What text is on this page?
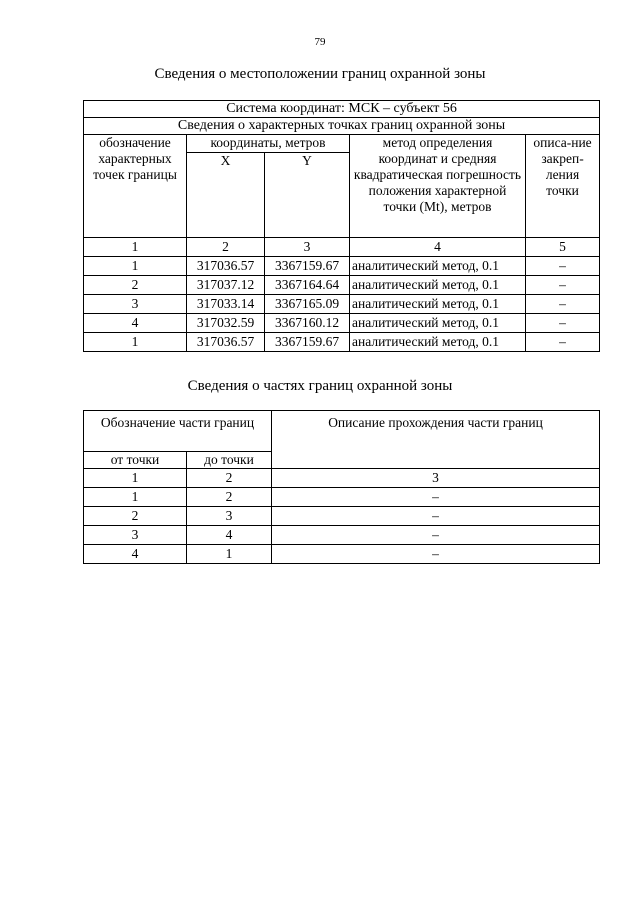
79
Сведения о местоположении границ охранной зоны
Система координат: МСК – субъект 56				
Сведения о характерных точках границ охранной зоны				
обозначение характерных точек границы	координаты, метров		метод определения координат и средняя квадратическая погрешность положения характерной точки (Mt), метров	описа-ние закреп-ления точки
	X	Y		
1	2	3	4	5
1	317036.57	3367159.67	аналитический метод, 0.1	–
2	317037.12	3367164.64	аналитический метод, 0.1	–
3	317033.14	3367165.09	аналитический метод, 0.1	–
4	317032.59	3367160.12	аналитический метод, 0.1	–
1	317036.57	3367159.67	аналитический метод, 0.1	–
Сведения о частях границ охранной зоны
Обозначение части границ		Описание прохождения части границ
от точки	до точки	
1	2	3
1	2	–
2	3	–
3	4	–
4	1	–
